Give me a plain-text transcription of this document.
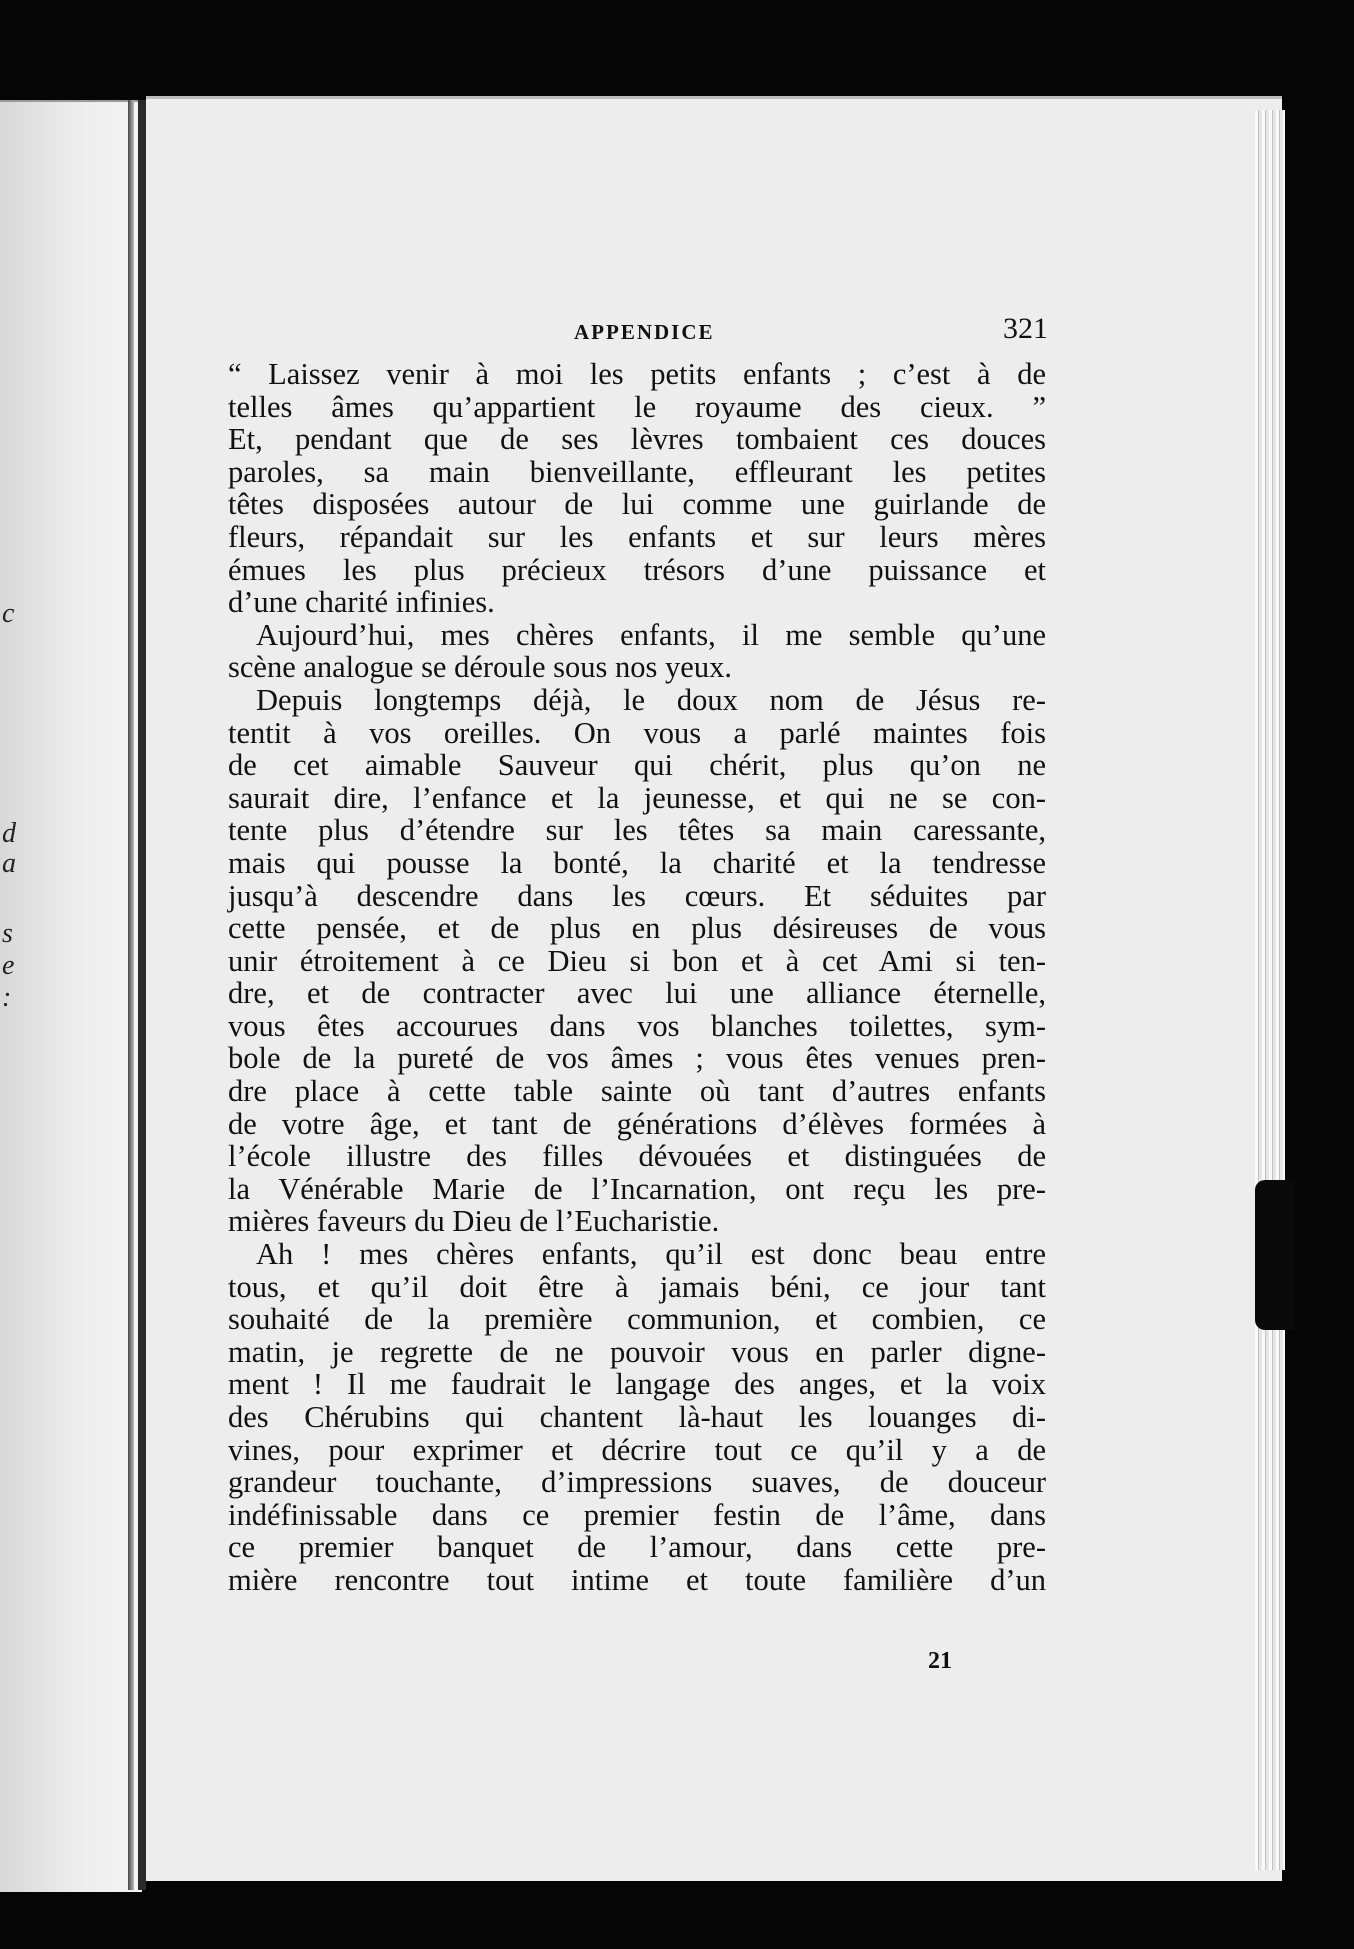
c
d
a
s
e
:
APPENDICE	321
“ Laissez venir à moi les petits enfants ; c’est à de
telles âmes qu’appartient le royaume des cieux. ”
Et, pendant que de ses lèvres tombaient ces douces
paroles, sa main bienveillante, effleurant les petites
têtes disposées autour de lui comme une guirlande de
fleurs, répandait sur les enfants et sur leurs mères
émues les plus précieux trésors d’une puissance et
d’une charité infinies.
Aujourd’hui, mes chères enfants, il me semble qu’une
scène analogue se déroule sous nos yeux.
Depuis longtemps déjà, le doux nom de Jésus re-
tentit à vos oreilles. On vous a parlé maintes fois
de cet aimable Sauveur qui chérit, plus qu’on ne
saurait dire, l’enfance et la jeunesse, et qui ne se con-
tente plus d’étendre sur les têtes sa main caressante,
mais qui pousse la bonté, la charité et la tendresse
jusqu’à descendre dans les cœurs. Et séduites par
cette pensée, et de plus en plus désireuses de vous
unir étroitement à ce Dieu si bon et à cet Ami si ten-
dre, et de contracter avec lui une alliance éternelle,
vous êtes accourues dans vos blanches toilettes, sym-
bole de la pureté de vos âmes ; vous êtes venues pren-
dre place à cette table sainte où tant d’autres enfants
de votre âge, et tant de générations d’élèves formées à
l’école illustre des filles dévouées et distinguées de
la Vénérable Marie de l’Incarnation, ont reçu les pre-
mières faveurs du Dieu de l’Eucharistie.
Ah ! mes chères enfants, qu’il est donc beau entre
tous, et qu’il doit être à jamais béni, ce jour tant
souhaité de la première communion, et combien, ce
matin, je regrette de ne pouvoir vous en parler digne-
ment ! Il me faudrait le langage des anges, et la voix
des Chérubins qui chantent là-haut les louanges di-
vines, pour exprimer et décrire tout ce qu’il y a de
grandeur touchante, d’impressions suaves, de douceur
indéfinissable dans ce premier festin de l’âme, dans
ce premier banquet de l’amour, dans cette pre-
mière rencontre tout intime et toute familière d’un
21
